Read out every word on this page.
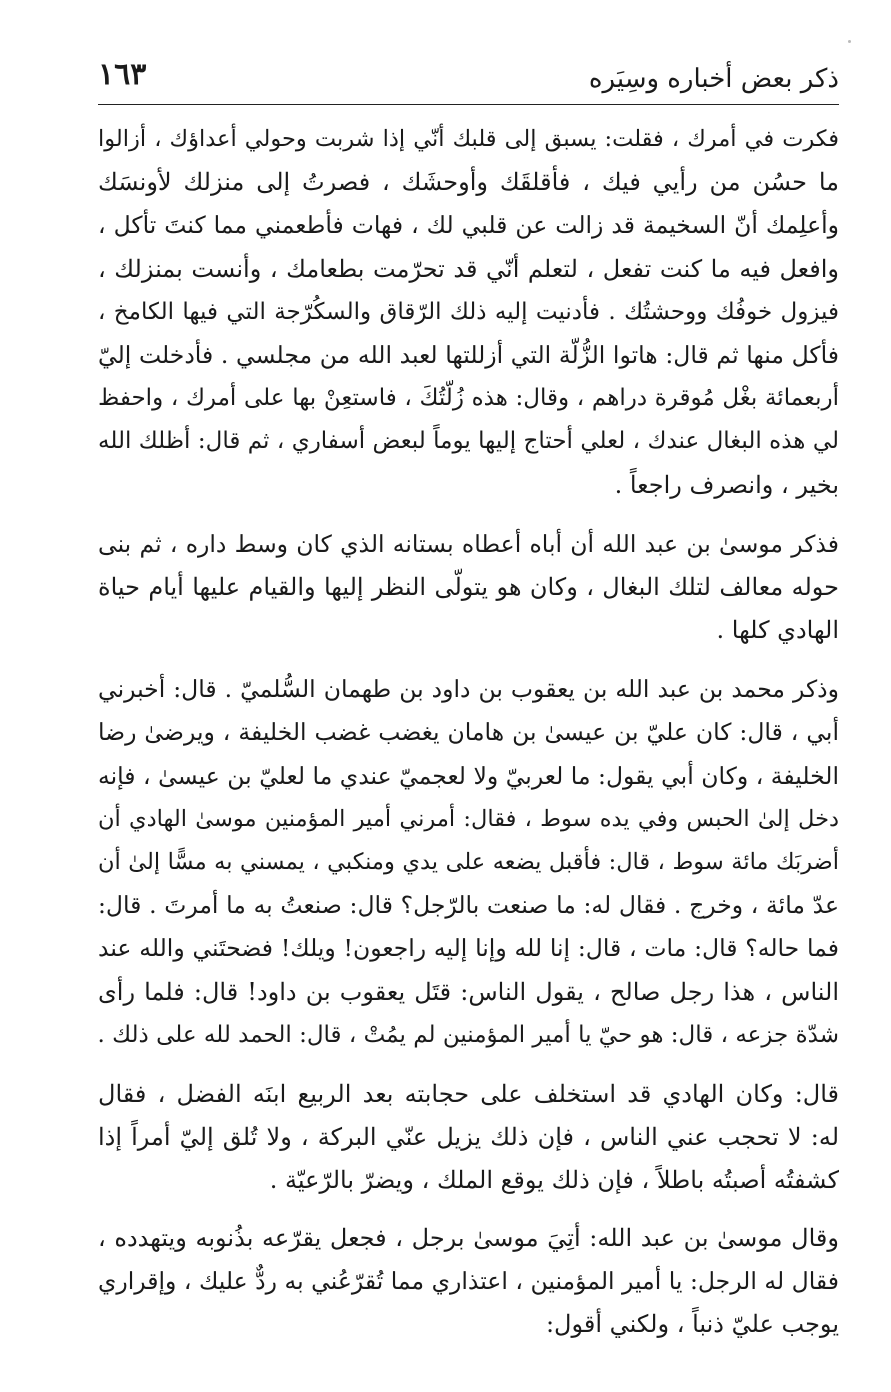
ذكر بعض أخباره وسِيَره
١٦٣
فكرت في أمرك ، فقلت: يسبق إلى قلبك أنّي إذا شربت وحولي أعداؤك ، أزالوا
ما حسُن من رأيي فيك ، فأقلقَك وأوحشَك ، فصرتُ إلى منزلك لأونسَك
وأعلِمك أنّ السخيمة قد زالت عن قلبي لك ، فهات فأطعمني مما كنتَ تأكل ،
وافعل فيه ما كنت تفعل ، لتعلم أنّي قد تحرّمت بطعامك ، وأنست بمنزلك ،
فيزول خوفُك ووحشتُك . فأدنيت إليه ذلك الرّقاق والسكُرّجة التي فيها الكامخ ،
فأكل منها ثم قال: هاتوا الزُّلّة التي أزللتها لعبد الله من مجلسي . فأدخلت إليّ
أربعمائة بغْل مُوقرة دراهم ، وقال: هذه زُلّتُكَ ، فاستعِنْ بها على أمرك ، واحفظ
لي هذه البغال عندك ، لعلي أحتاج إليها يوماً لبعض أسفاري ، ثم قال: أظلك الله
بخير ، وانصرف راجعاً .
فذكر موسىٰ بن عبد الله أن أباه أعطاه بستانه الذي كان وسط داره ، ثم بنى
حوله معالف لتلك البغال ، وكان هو يتولّى النظر إليها والقيام عليها أيام حياة
الهادي كلها .
وذكر محمد بن عبد الله بن يعقوب بن داود بن طهمان السُّلميّ . قال: أخبرني
أبي ، قال: كان عليّ بن عيسىٰ بن هامان يغضب غضب الخليفة ، ويرضىٰ رضا
الخليفة ، وكان أبي يقول: ما لعربيّ ولا لعجميّ عندي ما لعليّ بن عيسىٰ ، فإنه
دخل إلىٰ الحبس وفي يده سوط ، فقال: أمرني أمير المؤمنين موسىٰ الهادي أن
أضربَك مائة سوط ، قال: فأقبل يضعه على يدي ومنكبي ، يمسني به مسًّا إلىٰ أن
عدّ مائة ، وخرج . فقال له: ما صنعت بالرّجل؟ قال: صنعتُ به ما أمرتَ . قال:
فما حاله؟ قال: مات ، قال: إنا لله وإنا إليه راجعون! ويلك! فضحتَني والله عند
الناس ، هذا رجل صالح ، يقول الناس: قتَل يعقوب بن داود! قال: فلما رأى
شدّة جزعه ، قال: هو حيّ يا أمير المؤمنين لم يمُتْ ، قال: الحمد لله على ذلك .
قال: وكان الهادي قد استخلف على حجابته بعد الربيع ابنَه الفضل ، فقال
له: لا تحجب عني الناس ، فإن ذلك يزيل عنّي البركة ، ولا تُلق إليّ أمراً إذا
كشفتُه أصبتُه باطلاً ، فإن ذلك يوقع الملك ، ويضرّ بالرّعيّة .
وقال موسىٰ بن عبد الله: أتِيَ موسىٰ برجل ، فجعل يقرّعه بذُنوبه ويتهدده ،
فقال له الرجل: يا أمير المؤمنين ، اعتذاري مما تُقرّعُني به ردٌّ عليك ، وإقراري
يوجب عليّ ذنباً ، ولكني أقول:
